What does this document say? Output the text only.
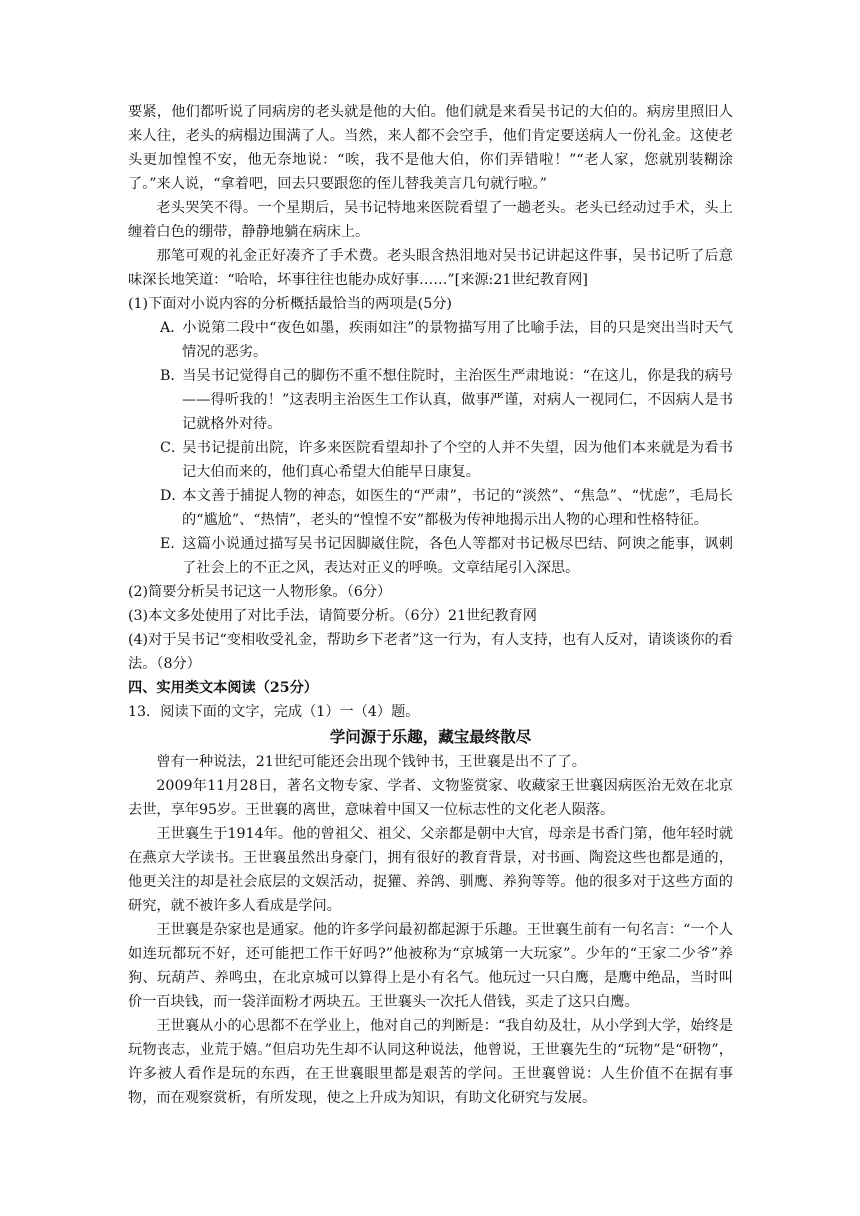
要紧，他们都听说了同病房的老头就是他的大伯。他们就是来看吴书记的大伯的。病房里照旧人来人往，老头的病榻边围满了人。当然，来人都不会空手，他们肯定要送病人一份礼金。这使老头更加惶惶不安，他无奈地说：“唉，我不是他大伯，你们弄错啦！”“老人家，您就别装糊涂了。”来人说，“拿着吧，回去只要跟您的侄儿替我美言几句就行啦。”

老头哭笑不得。一个星期后，吴书记特地来医院看望了一趟老头。老头已经动过手术，头上缠着白色的绷带，静静地躺在病床上。

那笔可观的礼金正好凑齐了手术费。老头眼含热泪地对吴书记讲起这件事，吴书记听了后意味深长地笑道：“哈哈，坏事往往也能办成好事……”[来源:21世纪教育网]

(1)下面对小说内容的分析概括最恰当的两项是(5分)

A．小说第二段中“夜色如墨，疾雨如注”的景物描写用了比喻手法，目的只是突出当时天气情况的恶劣。

B．当吴书记觉得自己的脚伤不重不想住院时，主治医生严肃地说：“在这儿，你是我的病号——得听我的！”这表明主治医生工作认真，做事严谨，对病人一视同仁，不因病人是书记就格外对待。

C．吴书记提前出院，许多来医院看望却扑了个空的人并不失望，因为他们本来就是为看书记大伯而来的，他们真心希望大伯能早日康复。

D．本文善于捕捉人物的神态，如医生的“严肃”，书记的“淡然”、“焦急”、“忧虑”，毛局长的“尴尬”、“热情”，老头的“惶惶不安”都极为传神地揭示出人物的心理和性格特征。

E．这篇小说通过描写吴书记因脚崴住院，各色人等都对书记极尽巴结、阿谀之能事，讽刺了社会上的不正之风，表达对正义的呼唤。文章结尾引入深思。

(2)简要分析吴书记这一人物形象。（6分）

(3)本文多处使用了对比手法，请简要分析。（6分）21世纪教育网

(4)对于吴书记“变相收受礼金，帮助乡下老者”这一行为，有人支持，也有人反对，请谈谈你的看法。（8分）

四、实用类文本阅读（25分）

13．阅读下面的文字，完成（1）一（4）题。

学问源于乐趣，藏宝最终散尽

曾有一种说法，21世纪可能还会出现个钱钟书，王世襄是出不了了。

2009年11月28日，著名文物专家、学者、文物鉴赏家、收藏家王世襄因病医治无效在北京去世，享年95岁。王世襄的离世，意味着中国又一位标志性的文化老人陨落。

王世襄生于1914年。他的曾祖父、祖父、父亲都是朝中大官，母亲是书香门第，他年轻时就在燕京大学读书。王世襄虽然出身豪门，拥有很好的教育背景，对书画、陶瓷这些也都是通的，他更关注的却是社会底层的文娱活动，捉獾、养鸽、驯鹰、养狗等等。他的很多对于这些方面的研究，就不被许多人看成是学问。

王世襄是杂家也是通家。他的许多学问最初都起源于乐趣。王世襄生前有一句名言：“一个人如连玩都玩不好，还可能把工作干好吗?”他被称为“京城第一大玩家”。少年的“王家二少爷”养狗、玩葫芦、养鸣虫，在北京城可以算得上是小有名气。他玩过一只白鹰，是鹰中绝品，当时叫价一百块钱，而一袋洋面粉才两块五。王世襄头一次托人借钱，买走了这只白鹰。

王世襄从小的心思都不在学业上，他对自己的判断是：“我自幼及壮，从小学到大学，始终是玩物丧志，业荒于嬉。”但启功先生却不认同这种说法，他曾说，王世襄先生的“玩物”是“研物”，许多被人看作是玩的东西，在王世襄眼里都是艰苦的学问。王世襄曾说：人生价值不在据有事物，而在观察赏析，有所发现，使之上升成为知识，有助文化研究与发展。
